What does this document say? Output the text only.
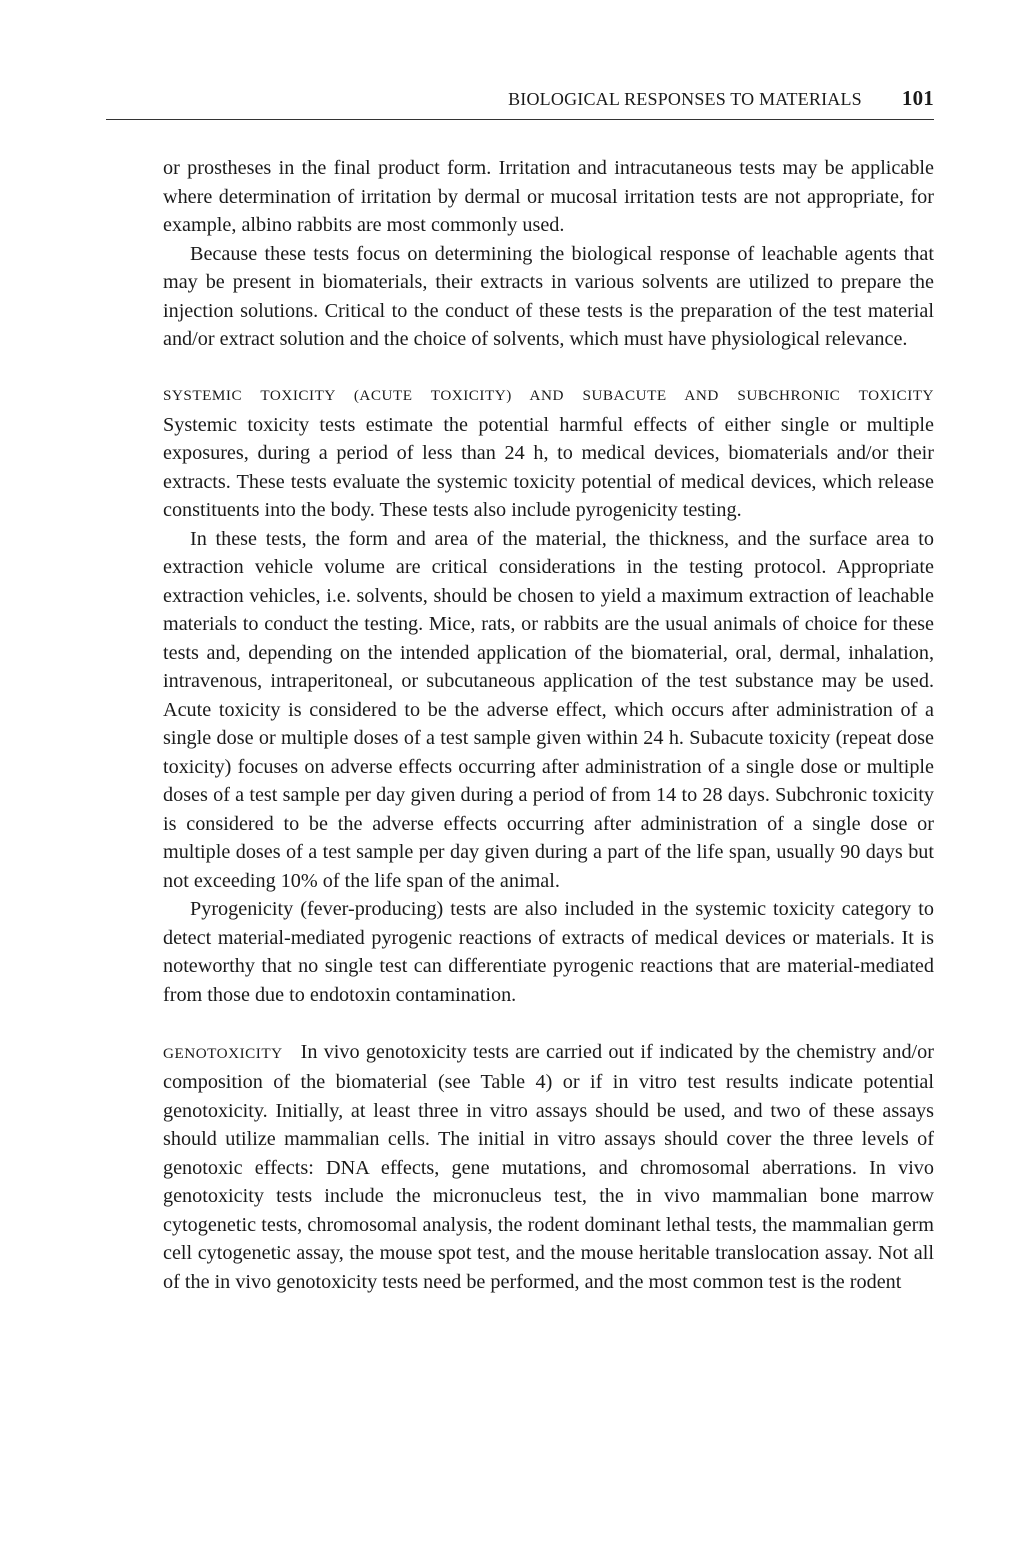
BIOLOGICAL RESPONSES TO MATERIALS 101

or prostheses in the final product form. Irritation and intracutaneous tests may be applicable where determination of irritation by dermal or mucosal irritation tests are not appropriate, for example, albino rabbits are most commonly used.

Because these tests focus on determining the biological response of leachable agents that may be present in biomaterials, their extracts in various solvents are utilized to prepare the injection solutions. Critical to the conduct of these tests is the preparation of the test material and/or extract solution and the choice of solvents, which must have physiological relevance.

SYSTEMIC TOXICITY (ACUTE TOXICITY) AND SUBACUTE AND SUBCHRONIC TOXICITY

Systemic toxicity tests estimate the potential harmful effects of either single or multiple exposures, during a period of less than 24 h, to medical devices, biomaterials and/or their extracts. These tests evaluate the systemic toxicity potential of medical devices, which release constituents into the body. These tests also include pyrogenicity testing.

In these tests, the form and area of the material, the thickness, and the surface area to extraction vehicle volume are critical considerations in the testing protocol. Appropriate extraction vehicles, i.e. solvents, should be chosen to yield a maximum extraction of leachable materials to conduct the testing. Mice, rats, or rabbits are the usual animals of choice for these tests and, depending on the intended application of the biomaterial, oral, dermal, inhalation, intravenous, intraperitoneal, or subcutaneous application of the test substance may be used. Acute toxicity is considered to be the adverse effect, which occurs after administration of a single dose or multiple doses of a test sample given within 24 h. Subacute toxicity (repeat dose toxicity) focuses on adverse effects occurring after administration of a single dose or multiple doses of a test sample per day given during a period of from 14 to 28 days. Subchronic toxicity is considered to be the adverse effects occurring after administration of a single dose or multiple doses of a test sample per day given during a part of the life span, usually 90 days but not exceeding 10% of the life span of the animal.

Pyrogenicity (fever-producing) tests are also included in the systemic toxicity category to detect material-mediated pyrogenic reactions of extracts of medical devices or materials. It is noteworthy that no single test can differentiate pyrogenic reactions that are material-mediated from those due to endotoxin contamination.

GENOTOXICITY In vivo genotoxicity tests are carried out if indicated by the chemistry and/or composition of the biomaterial (see Table 4) or if in vitro test results indicate potential genotoxicity. Initially, at least three in vitro assays should be used, and two of these assays should utilize mammalian cells. The initial in vitro assays should cover the three levels of genotoxic effects: DNA effects, gene mutations, and chromosomal aberrations. In vivo genotoxicity tests include the micronucleus test, the in vivo mammalian bone marrow cytogenetic tests, chromosomal analysis, the rodent dominant lethal tests, the mammalian germ cell cytogenetic assay, the mouse spot test, and the mouse heritable translocation assay. Not all of the in vivo genotoxicity tests need be performed, and the most common test is the rodent
